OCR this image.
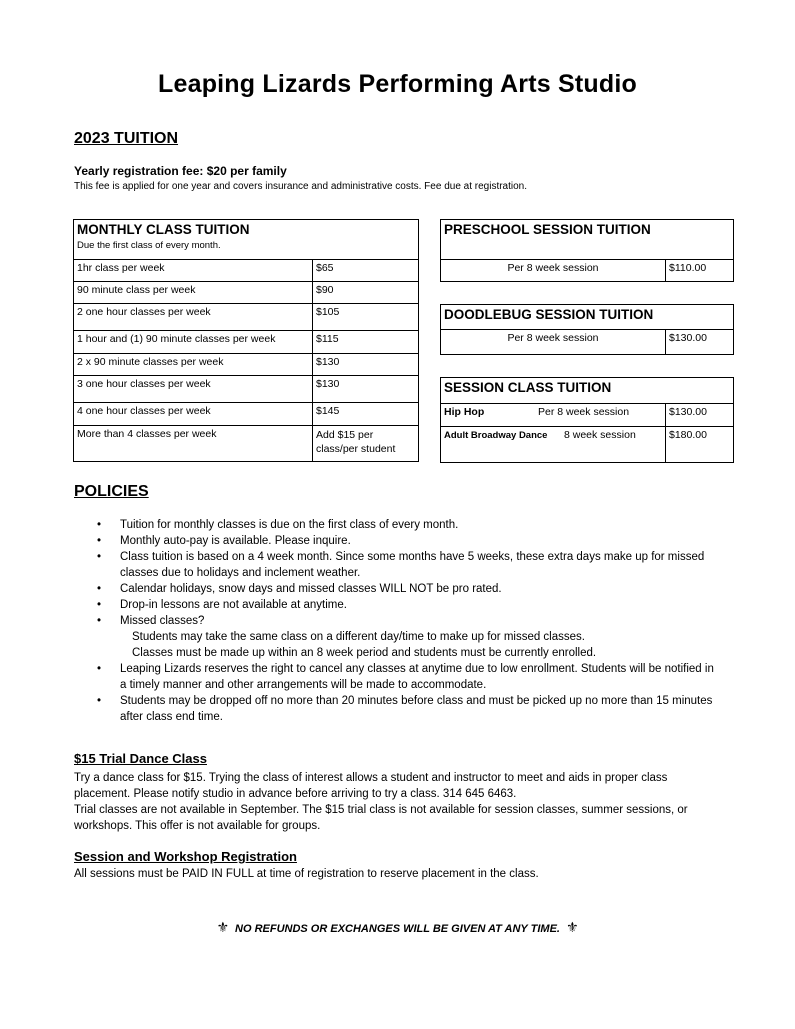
Leaping Lizards Performing Arts Studio
2023 TUITION
Yearly registration fee: $20 per family
This fee is applied for one year and covers insurance and administrative costs. Fee due at registration.
MONTHLY CLASS TUITION
Due the first class of every month.	

1hr class per week	$65
90 minute class per week	$90
2 one hour classes per week	$105
1 hour and (1) 90 minute classes per week	$115
2 x 90 minute classes per week	$130
3 one hour classes per week	$130
4 one hour classes per week	$145
More than 4 classes per week	Add $15 per class/per student
PRESCHOOL SESSION TUITION
Per 8 week session	$110.00
DOODLEBUG SESSION TUITION
Per 8 week session	$130.00
SESSION CLASS TUITION	
Hip Hop Per 8 week session	$130.00
Adult Broadway Dance 8 week session	$180.00
POLICIES
• Tuition for monthly classes is due on the first class of every month.
• Monthly auto-pay is available. Please inquire.
• Class tuition is based on a 4 week month. Since some months have 5 weeks, these extra days make up for missed classes due to holidays and inclement weather.
• Calendar holidays, snow days and missed classes WILL NOT be pro rated.
• Drop-in lessons are not available at anytime.
• Missed classes?
Students may take the same class on a different day/time to make up for missed classes.
Classes must be made up within an 8 week period and students must be currently enrolled.
• Leaping Lizards reserves the right to cancel any classes at anytime due to low enrollment. Students will be notified in a timely manner and other arrangements will be made to accommodate.
• Students may be dropped off no more than 20 minutes before class and must be picked up no more than 15 minutes after class end time.
$15 Trial Dance Class
Try a dance class for $15. Trying the class of interest allows a student and instructor to meet and aids in proper class placement. Please notify studio in advance before arriving to try a class. 314 645 6463.
Trial classes are not available in September. The $15 trial class is not available for session classes, summer sessions, or workshops. This offer is not available for groups.
Session and Workshop Registration
All sessions must be PAID IN FULL at time of registration to reserve placement in the class.
⚜ NO REFUNDS OR EXCHANGES WILL BE GIVEN AT ANY TIME. ⚜
